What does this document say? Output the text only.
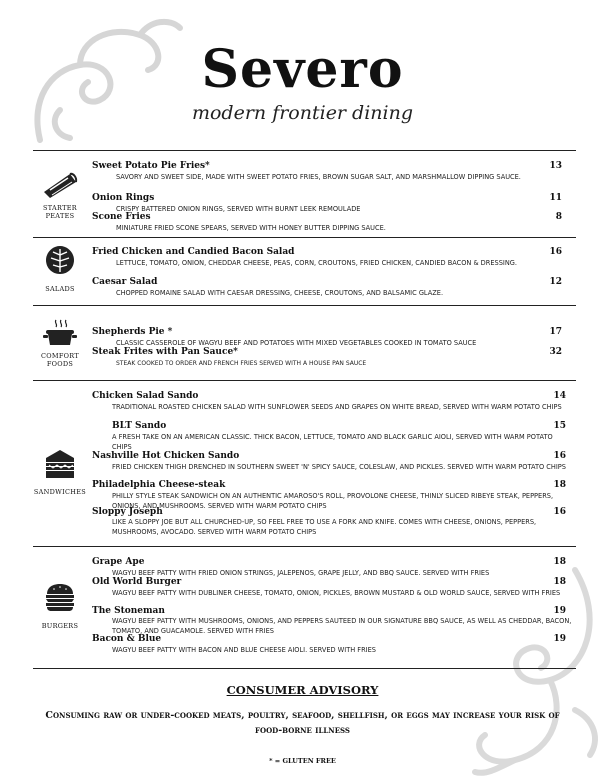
Severo
modern frontier dining
STARTER PEATES
Sweet Potato Pie Fries*	13
SAVORY AND SWEET SIDE, MADE WITH SWEET POTATO FRIES, BROWN SUGAR SALT, AND MARSHMALLOW DIPPING SAUCE.
Onion Rings	11
CRISPY BATTERED ONION RINGS, SERVED WITH BURNT LEEK REMOULADE
Scone Fries	8
MINIATURE FRIED SCONE SPEARS, SERVED WITH HONEY BUTTER DIPPING SAUCE.
SALADS
Fried Chicken and Candied Bacon Salad	16
LETTUCE, TOMATO, ONION, CHEDDAR CHEESE, PEAS, CORN, CROUTONS, FRIED CHICKEN, CANDIED BACON & DRESSING.
Caesar Salad	12
CHOPPED ROMAINE SALAD WITH CAESAR DRESSING, CHEESE, CROUTONS, AND BALSAMIC GLAZE.
COMFORT FOODS
Shepherds Pie *	17
CLASSIC CASSEROLE OF WAGYU BEEF AND POTATOES WITH MIXED VEGETABLES COOKED IN TOMATO SAUCE
Steak Frites with Pan Sauce*	32
STEAK COOKED TO ORDER AND FRENCH FRIES SERVED WITH A HOUSE PAN SAUCE
SANDWICHES
Chicken Salad Sando	14
TRADITIONAL ROASTED CHICKEN SALAD WITH SUNFLOWER SEEDS AND GRAPES ON WHITE BREAD, SERVED WITH WARM POTATO CHIPS
BLT Sando	15
A FRESH TAKE ON AN AMERICAN CLASSIC. THICK BACON, LETTUCE, TOMATO AND BLACK GARLIC AIOLI, SERVED WITH WARM POTATO CHIPS
Nashville Hot Chicken Sando	16
FRIED CHICKEN THIGH DRENCHED IN SOUTHERN SWEET 'N' SPICY SAUCE, COLESLAW, AND PICKLES. SERVED WITH WARM POTATO CHIPS
Philadelphia Cheese-steak	18
PHILLY STYLE STEAK SANDWICH ON AN AUTHENTIC AMAROSO'S ROLL, PROVOLONE CHEESE, THINLY SLICED RIBEYE STEAK, PEPPERS, ONIONS, AND MUSHROOMS. SERVED WITH WARM POTATO CHIPS
Sloppy Joseph	16
LIKE A SLOPPY JOE BUT ALL CHURCHED-UP, SO FEEL FREE TO USE A FORK AND KNIFE. COMES WITH CHEESE, ONIONS, PEPPERS, MUSHROOMS, AVOCADO. SERVED WITH WARM POTATO CHIPS
BURGERS
Grape Ape	18
WAGYU BEEF PATTY WITH FRIED ONION STRINGS, JALEPENOS, GRAPE JELLY, AND BBQ SAUCE. SERVED WITH FRIES
Old World Burger	18
WAGYU BEEF PATTY WITH DUBLINER CHEESE, TOMATO, ONION, PICKLES, BROWN MUSTARD & OLD WORLD SAUCE, SERVED WITH FRIES
The Stoneman	19
WAGYU BEEF PATTY WITH MUSHROOMS, ONIONS, AND PEPPERS SAUTEED IN OUR SIGNATURE BBQ SAUCE, AS WELL AS CHEDDAR, BACON, TOMATO, AND GUACAMOLE. SERVED WITH FRIES
Bacon & Blue	19
WAGYU BEEF PATTY WITH BACON AND BLUE CHEESE AIOLI. SERVED WITH FRIES
CONSUMER ADVISORY
Consuming raw or under-cooked meats, poultry, seafood, shellfish, or eggs may increase your risk of food-borne illness
* = GLUTEN FREE
